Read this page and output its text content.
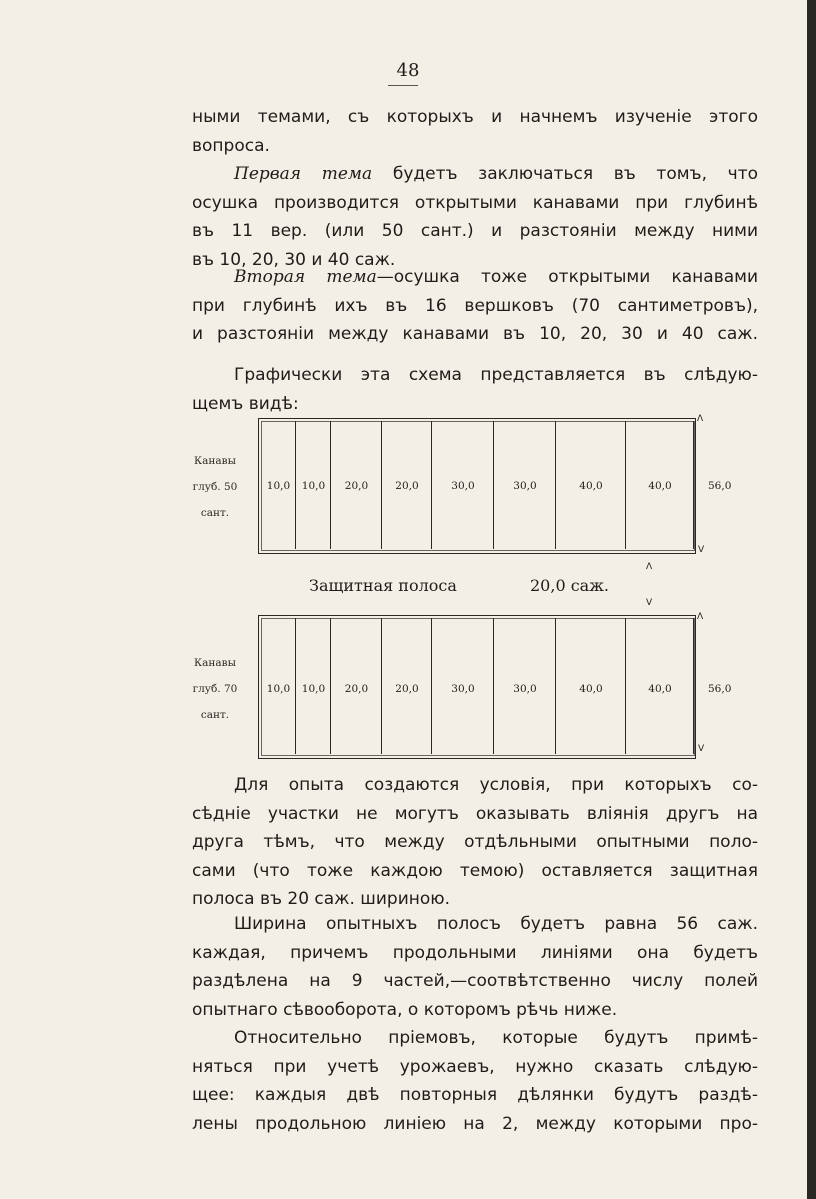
48

ными темами, съ которыхъ и начнемъ изученіе этого
вопроса.

Первая тема будетъ заключаться въ томъ, что
осушка производится открытыми канавами при глубинѣ
въ 11 вер. (или 50 сант.) и разстояніи между ними
въ 10, 20, 30 и 40 саж.

Вторая тема—осушка тоже открытыми канавами
при глубинѣ ихъ въ 16 вершковъ (70 сантиметровъ),
и разстояніи между канавами въ 10, 20, 30 и 40 саж.

Графически эта схема представляется въ слѣдую-
щемъ видѣ:

Канавы
глуб. 50
сант.
Канавы
глуб. 70
сант.
10,0	10,0	20,0	20,0	30,0	30,0	40,0	40,0
Λ
56,0
V
Λ
Защитная полоса	20,0 саж.
V
10,0	10,0	20,0	20,0	30,0	30,0	40,0	40,0
Λ
56,0
V

Для опыта создаются условія, при которыхъ со-
сѣдніе участки не могутъ оказывать вліянія другъ на
друга тѣмъ, что между отдѣльными опытными поло-
сами (что тоже каждою темою) оставляется защитная
полоса въ 20 саж. шириною.

Ширина опытныхъ полосъ будетъ равна 56 саж.
каждая, причемъ продольными линіями она будетъ
раздѣлена на 9 частей,—соотвѣтственно числу полей
опытнаго сѣвооборота, о которомъ рѣчь ниже.

Относительно пріемовъ, которые будутъ примѣ-
няться при учетѣ урожаевъ, нужно сказать слѣдую-
щее: каждыя двѣ повторныя дѣлянки будутъ раздѣ-
лены продольною линіею на 2, между которыми про-
